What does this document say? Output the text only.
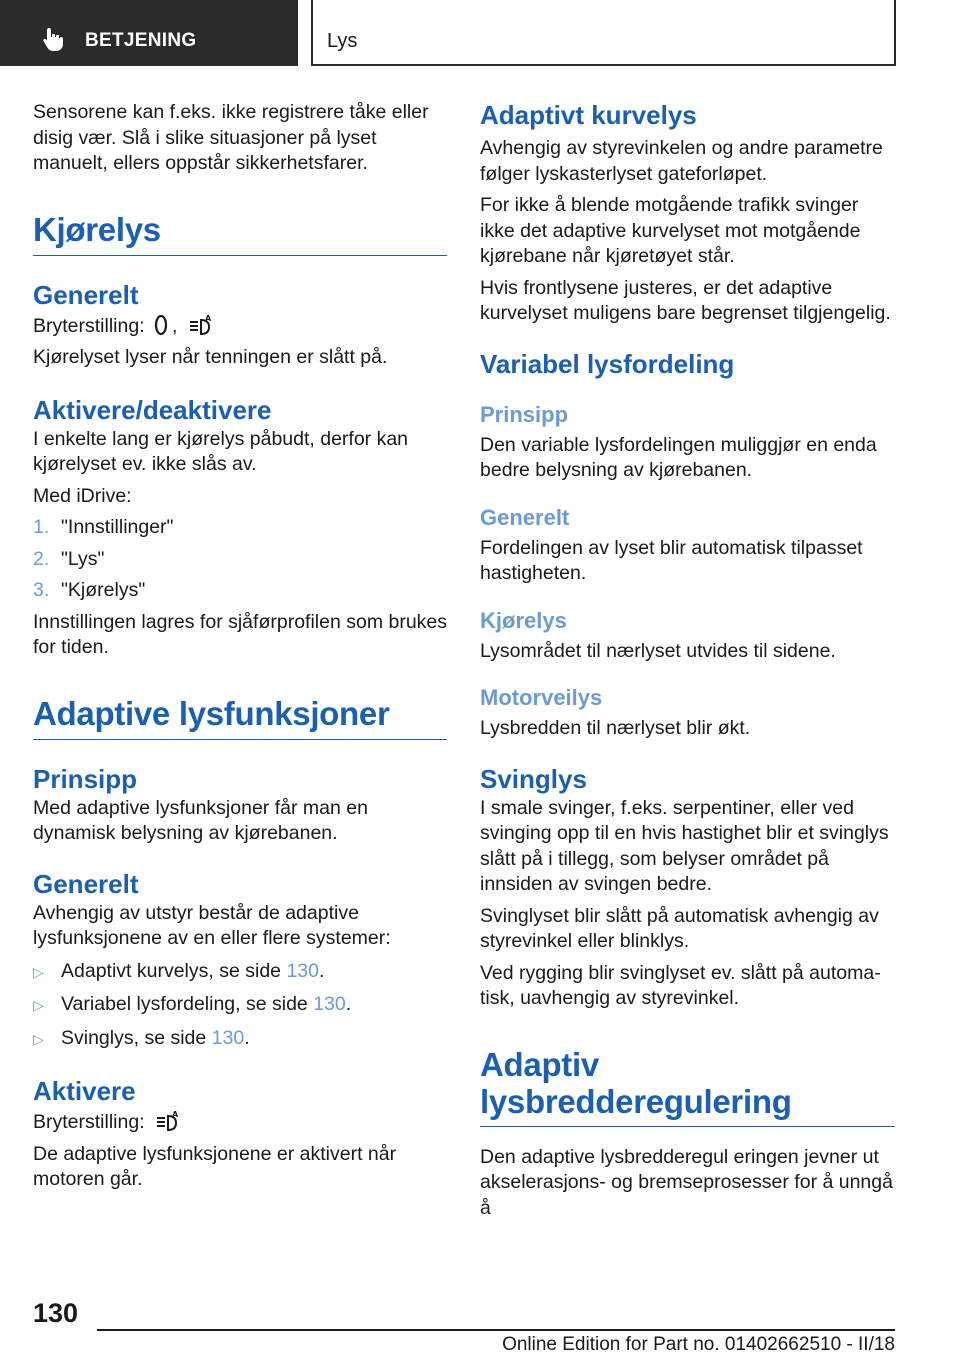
BETJENING	Lys

Sensorene kan f.eks. ikke registrere tåke eller disig vær. Slå i slike situasjoner på lyset manuelt, ellers oppstår sikkerhetsfarer.

Kjørelys
Generelt

Bryterstilling: ,	A

Kjørelyset lyser når tenningen er slått på.

Aktivere/deaktivere

I enkelte lang er kjørelys påbudt, derfor kan kjørelyset ev. ikke slås av.

Med iDrive:

1. "Innstillinger"
2. "Lys"
3. "Kjørelys"

Innstillingen lagres for sjåførprofilen som brukes for tiden.

Adaptive lysfunksjoner
Prinsipp

Med adaptive lysfunksjoner får man en dynamisk belysning av kjørebanen.

Generelt

Avhengig av utstyr består de adaptive lysfunksjonene av en eller flere systemer:

▷ Adaptivt kurvelys, se side 130.
▷ Variabel lysfordeling, se side 130.
▷ Svinglys, se side 130.
Aktivere

Bryterstilling:	A

De adaptive lysfunksjonene er aktivert når motoren går.

Adaptivt kurvelys

Avhengig av styrevinkelen og andre parametre følger lyskasterlyset gateforløpet.

For ikke å blende motgående trafikk svinger ikke det adaptive kurvelyset mot motgående kjørebane når kjøretøyet står.

Hvis frontlysene justeres, er det adaptive kurvelyset muligens bare begrenset tilgjengelig.

Variabel lysfordeling
Prinsipp

Den variable lysfordelingen muliggjør en enda bedre belysning av kjørebanen.

Generelt

Fordelingen av lyset blir automatisk tilpasset hastigheten.

Kjørelys

Lysområdet til nærlyset utvides til sidene.

Motorveilys

Lysbredden til nærlyset blir økt.

Svinglys

I smale svinger, f.eks. serpentiner, eller ved svinging opp til en hvis hastighet blir et svinglys slått på i tillegg, som belyser området på innsiden av svingen bedre.

Svinglyset blir slått på automatisk avhengig av styrevinkel eller blinklys.

Ved rygging blir svinglyset ev. slått på automatisk, uavhengig av styrevinkel.

Adaptiv
lysbredderegulering

Den adaptive lysbredderegul eringen jevner ut akselerasjons- og bremseprosesser for å unngå å

130
Online Edition for Part no. 01402662510 - II/18
